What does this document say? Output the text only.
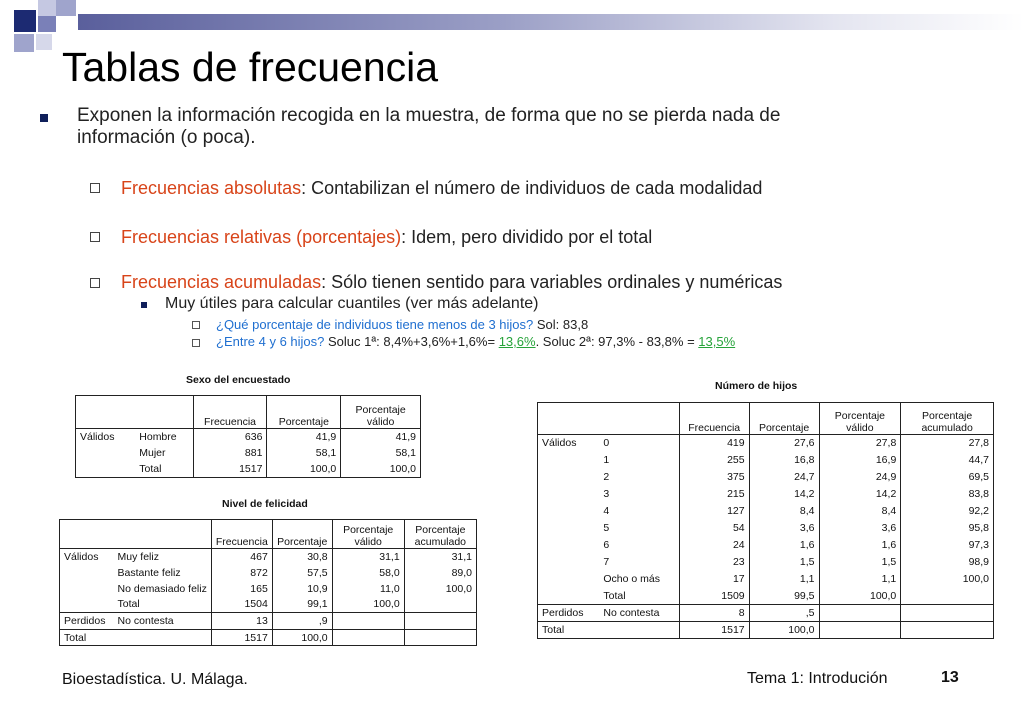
Tablas de frecuencia
Exponen la información recogida en la muestra, de forma que no se pierda nada de
información (o poca).
Frecuencias absolutas: Contabilizan el número de individuos de cada modalidad
Frecuencias relativas (porcentajes): Idem, pero dividido por el total
Frecuencias acumuladas: Sólo tienen sentido para variables ordinales y numéricas
Muy útiles para calcular cuantiles (ver más adelante)
¿Qué porcentaje de individuos tiene menos de 3 hijos? Sol: 83,8
¿Entre 4 y 6 hijos? Soluc 1ª: 8,4%+3,6%+1,6%= 13,6%. Soluc 2ª: 97,3% - 83,8% = 13,5%
Sexo del encuestado
		Frecuencia	Porcentaje	Porcentaje
válido
Válidos	Hombre	636	41,9	41,9
	Mujer	881	58,1	58,1
	Total	1517	100,0	100,0
Nivel de felicidad
		Frecuencia	Porcentaje	Porcentaje
válido	Porcentaje
acumulado
Válidos	Muy feliz	467	30,8	31,1	31,1
	Bastante feliz	872	57,5	58,0	89,0
	No demasiado feliz	165	10,9	11,0	100,0
	Total	1504	99,1	100,0	
Perdidos	No contesta	13	,9		
Total		1517	100,0		
Número de hijos
		Frecuencia	Porcentaje	Porcentaje
válido	Porcentaje
acumulado
Válidos	0	419	27,6	27,8	27,8
	1	255	16,8	16,9	44,7
	2	375	24,7	24,9	69,5
	3	215	14,2	14,2	83,8
	4	127	8,4	8,4	92,2
	5	54	3,6	3,6	95,8
	6	24	1,6	1,6	97,3
	7	23	1,5	1,5	98,9
	Ocho o más	17	1,1	1,1	100,0
	Total	1509	99,5	100,0	
Perdidos	No contesta	8	,5		
Total		1517	100,0		
Bioestadística. U. Málaga.	Tema 1: Introdución	13
